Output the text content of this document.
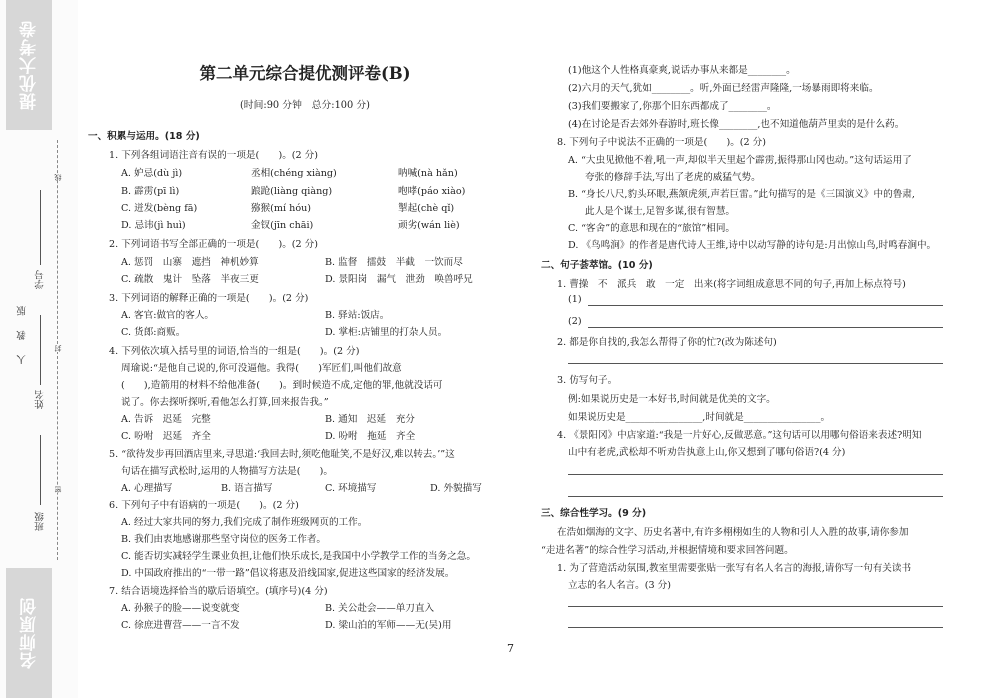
提优大考卷
名师原创
人 教 版
班级
姓名
学号
密
封
线
第二单元综合提优测评卷(B)
(时间:90 分钟　总分:100 分)
一、积累与运用。(18 分)
1. 下列各组词语注音有误的一项是(　　)。(2 分)
A. 妒忌(dù jì)	丞相(chéng xiàng)	呐喊(nà hǎn)
B. 霹雳(pī lì)	踉跄(liàng qiàng)	咆哮(páo xiào)
C. 迸发(bèng fā)	猕猴(mí hóu)	掣起(chè qǐ)
D. 忌讳(jì huì)	金钗(jīn chāi)	顽劣(wán liè)
2. 下列词语书写全部正确的一项是(　　)。(2 分)
A. 惩罚　山寨　遮挡　神机妙算	B. 监督　擂鼓　半截　一饮而尽
C. 疏散　鬼计　坠落　半夜三更	D. 景阳岗　漏气　泄劲　唤兽呼兄
3. 下列词语的解释正确的一项是(　　)。(2 分)
A. 客官:做官的客人。	B. 驿站:饭店。
C. 货郎:商贩。	D. 掌柜:店铺里的打杂人员。
4. 下列依次填入括号里的词语,恰当的一组是(　　)。(2 分)
周瑜说:“是他自己说的,你可没逼他。我得(　　)军匠们,叫他们故意
(　　),造箭用的材料不给他准备(　　)。到时候造不成,定他的罪,他就没话可
说了。你去探听探听,看他怎么打算,回来报告我。”
A. 告诉　迟延　完整	B. 通知　迟延　充分
C. 吩咐　迟延　齐全	D. 吩咐　拖延　齐全
5. “欲待发步再回酒店里来,寻思道:‘我回去时,须吃他耻笑,不是好汉,难以转去。’”这
句话在描写武松时,运用的人物描写方法是(　　)。
A. 心理描写	B. 语言描写	C. 环境描写	D. 外貌描写
6. 下列句子中有语病的一项是(　　)。(2 分)
A. 经过大家共同的努力,我们完成了制作班级网页的工作。
B. 我们由衷地感谢那些坚守岗位的医务工作者。
C. 能否切实减轻学生课业负担,让他们快乐成长,是我国中小学教学工作的当务之急。
D. 中国政府推出的“一带一路”倡议将惠及沿线国家,促进这些国家的经济发展。
7. 结合语境选择恰当的歇后语填空。(填序号)(4 分)
A. 孙猴子的脸——说变就变	B. 关公赴会——单刀直入
C. 徐庶进曹营——一言不发	D. 梁山泊的军师——无(吴)用
7
(1)他这个人性格真豪爽,说话办事从来都是________。
(2)六月的天气,犹如________。听,外面已经雷声隆隆,一场暴雨即将来临。
(3)我们要搬家了,你那个旧东西都成了________。
(4)在讨论是否去郊外春游时,班长像________,也不知道他葫芦里卖的是什么药。
8. 下列句子中说法不正确的一项是(　　)。(2 分)
A. “大虫见掀他不着,吼一声,却似半天里起个霹雳,振得那山冈也动。”这句话运用了
夸张的修辞手法,写出了老虎的威猛气势。
B. “身长八尺,豹头环眼,燕颔虎须,声若巨雷。”此句描写的是《三国演义》中的鲁肃,
此人是个谋士,足智多谋,很有智慧。
C. “客舍”的意思和现在的“旅馆”相同。
D. 《鸟鸣涧》的作者是唐代诗人王维,诗中以动写静的诗句是:月出惊山鸟,时鸣春涧中。
二、句子荟萃馆。(10 分)
1. 曹操　不　派兵　敢　一定　出来(将字词组成意思不同的句子,再加上标点符号)
(1)
(2)
2. 都是你自找的,我怎么帮得了你的忙?(改为陈述句)
3. 仿写句子。
例:如果说历史是一本好书,时间就是优美的文字。
如果说历史是________________,时间就是________________。
4. 《景阳冈》中店家道:“我是一片好心,反做恶意。”这句话可以用哪句俗语来表述?明知
山中有老虎,武松却不听劝告执意上山,你又想到了哪句俗语?(4 分)
三、综合性学习。(9 分)
在浩如烟海的文字、历史名著中,有许多栩栩如生的人物和引人入胜的故事,请你参加
“走进名著”的综合性学习活动,并根据情境和要求回答问题。
1. 为了营造活动氛围,教室里需要张贴一张写有名人名言的海报,请你写一句有关读书
立志的名人名言。(3 分)
